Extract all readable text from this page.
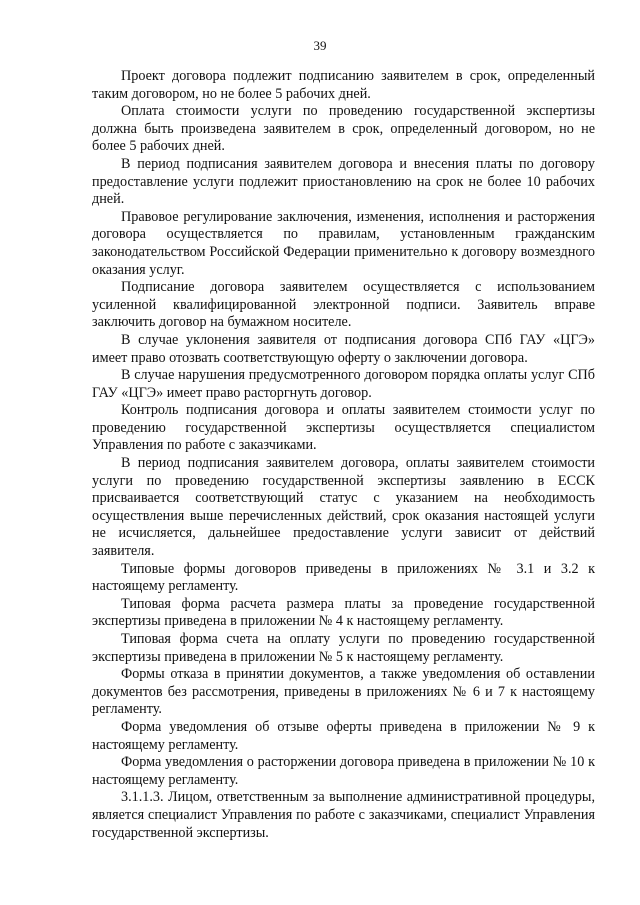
39

Проект договора подлежит подписанию заявителем в срок, определенный таким договором, но не более 5 рабочих дней.

Оплата стоимости услуги по проведению государственной экспертизы должна быть произведена заявителем в срок, определенный договором, но не более 5 рабочих дней.

В период подписания заявителем договора и внесения платы по договору предоставление услуги подлежит приостановлению на срок не более 10 рабочих дней.

Правовое регулирование заключения, изменения, исполнения и расторжения договора осуществляется по правилам, установленным гражданским законодательством Российской Федерации применительно к договору возмездного оказания услуг.

Подписание договора заявителем осуществляется с использованием усиленной квалифицированной электронной подписи. Заявитель вправе заключить договор на бумажном носителе.

В случае уклонения заявителя от подписания договора СПб ГАУ «ЦГЭ» имеет право отозвать соответствующую оферту о заключении договора.

В случае нарушения предусмотренного договором порядка оплаты услуг СПб ГАУ «ЦГЭ» имеет право расторгнуть договор.

Контроль подписания договора и оплаты заявителем стоимости услуг по проведению государственной экспертизы осуществляется специалистом Управления по работе с заказчиками.

В период подписания заявителем договора, оплаты заявителем стоимости услуги по проведению государственной экспертизы заявлению в ЕССК присваивается соответствующий статус с указанием на необходимость осуществления выше перечисленных действий, срок оказания настоящей услуги не исчисляется, дальнейшее предоставление услуги зависит от действий заявителя.

Типовые формы договоров приведены в приложениях № 3.1 и 3.2 к настоящему регламенту.

Типовая форма расчета размера платы за проведение государственной экспертизы приведена в приложении № 4 к настоящему регламенту.

Типовая форма счета на оплату услуги по проведению государственной экспертизы приведена в приложении № 5 к настоящему регламенту.

Формы отказа в принятии документов, а также уведомления об оставлении документов без рассмотрения, приведены в приложениях № 6 и 7 к настоящему регламенту.

Форма уведомления об отзыве оферты приведена в приложении № 9 к настоящему регламенту.

Форма уведомления о расторжении договора приведена в приложении № 10 к настоящему регламенту.

3.1.1.3. Лицом, ответственным за выполнение административной процедуры, является специалист Управления по работе с заказчиками, специалист Управления государственной экспертизы.
